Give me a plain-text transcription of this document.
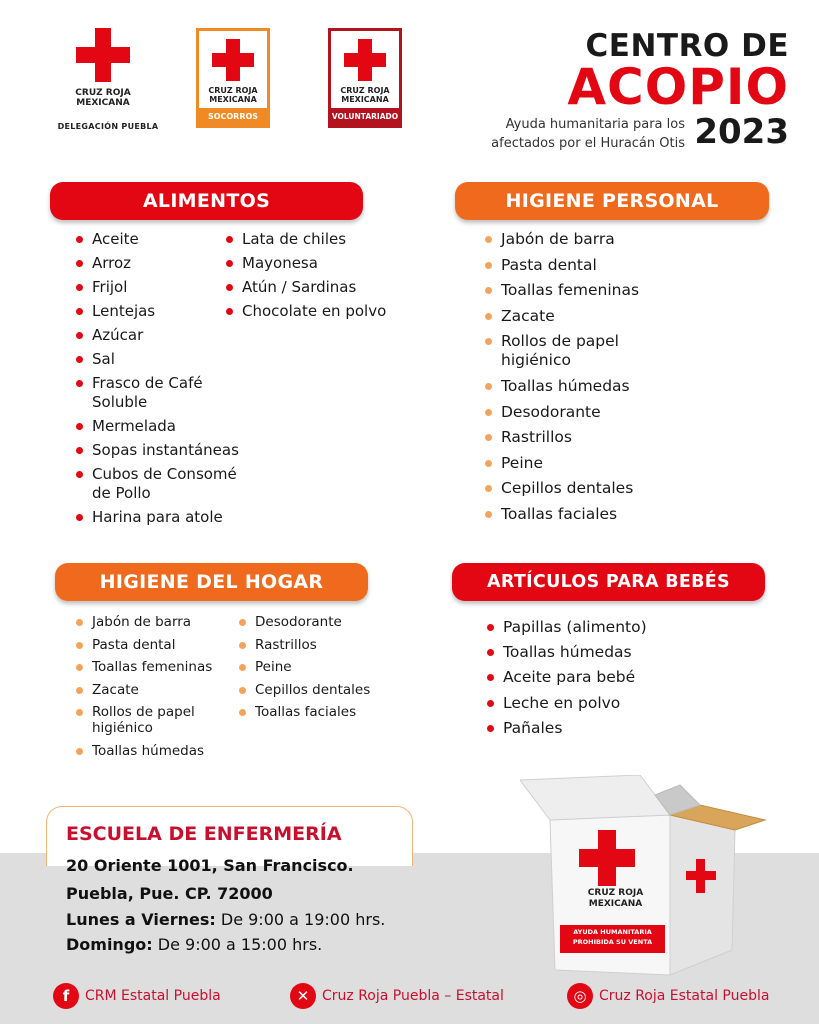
CRUZ ROJA
MEXICANA
DELEGACIÓN PUEBLA
CRUZ ROJA
MEXICANA
SOCORROS
CRUZ ROJA
MEXICANA
VOLUNTARIADO
CENTRO DE
ACOPIO
Ayuda humanitaria para los afectados por el Huracán Otis 2023
ALIMENTOS
Aceite
Arroz
Frijol
Lentejas
Azúcar
Sal
Frasco de Café Soluble
Mermelada
Sopas instantáneas
Cubos de Consomé de Pollo
Harina para atole
Lata de chiles
Mayonesa
Atún / Sardinas
Chocolate en polvo
HIGIENE PERSONAL
Jabón de barra
Pasta dental
Toallas femeninas
Zacate
Rollos de papel higiénico
Toallas húmedas
Desodorante
Rastrillos
Peine
Cepillos dentales
Toallas faciales
HIGIENE DEL HOGAR
Jabón de barra
Pasta dental
Toallas femeninas
Zacate
Rollos de papel higiénico
Toallas húmedas
Desodorante
Rastrillos
Peine
Cepillos dentales
Toallas faciales
ARTÍCULOS PARA BEBÉS
Papillas (alimento)
Toallas húmedas
Aceite para bebé
Leche en polvo
Pañales
ESCUELA DE ENFERMERÍA
20 Oriente 1001, San Francisco.
Puebla, Pue. CP. 72000
Lunes a Viernes: De 9:00 a 19:00 hrs.
Domingo: De 9:00 a 15:00 hrs.
CRUZ ROJA
MEXICANA
AYUDA HUMANITARIA
PROHIBIDA SU VENTA
f	CRM Estatal Puebla	✕ Cruz Roja Puebla – Estatal	◎ Cruz Roja Estatal Puebla
